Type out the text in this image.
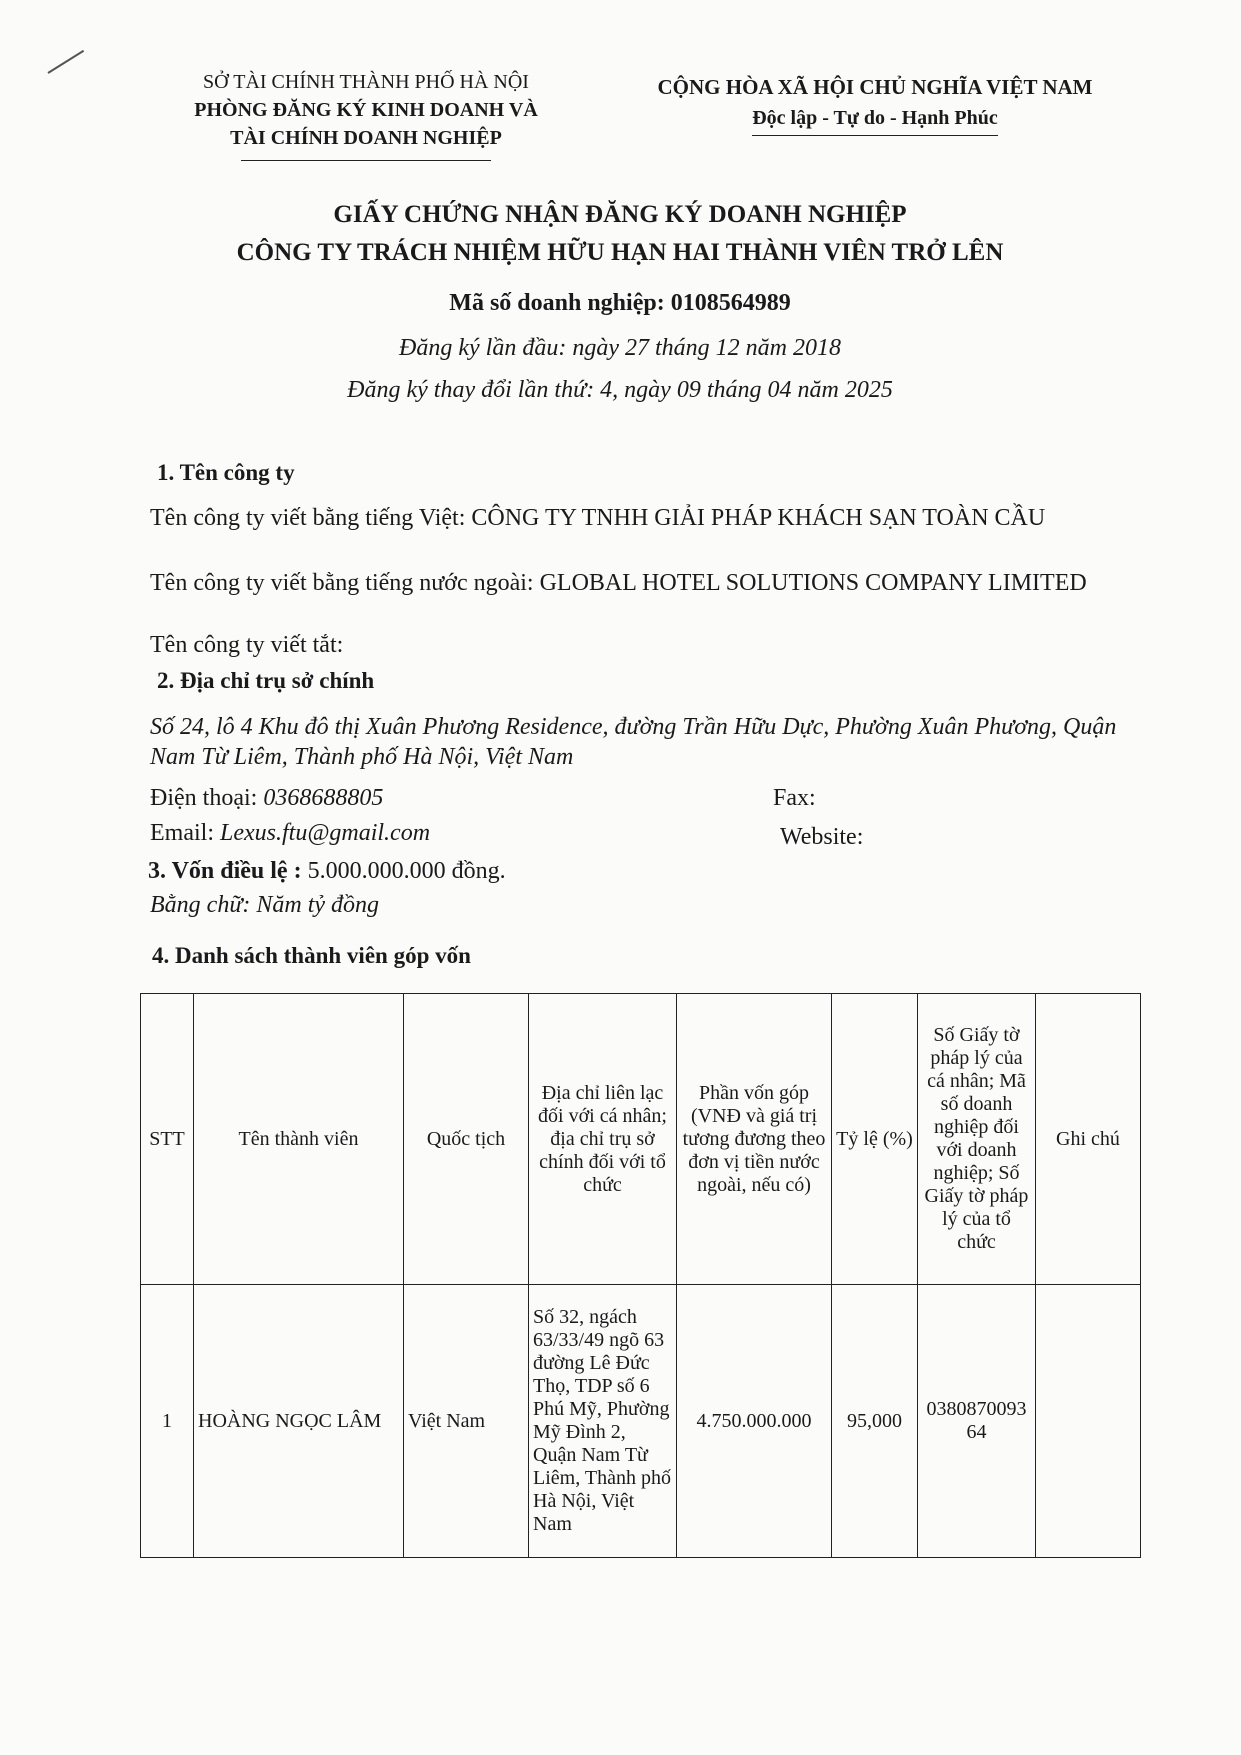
SỞ TÀI CHÍNH THÀNH PHỐ HÀ NỘI
PHÒNG ĐĂNG KÝ KINH DOANH VÀ
TÀI CHÍNH DOANH NGHIỆP
CỘNG HÒA XÃ HỘI CHỦ NGHĨA VIỆT NAM
Độc lập - Tự do - Hạnh Phúc
GIẤY CHỨNG NHẬN ĐĂNG KÝ DOANH NGHIỆP
CÔNG TY TRÁCH NHIỆM HỮU HẠN HAI THÀNH VIÊN TRỞ LÊN
Mã số doanh nghiệp: 0108564989
Đăng ký lần đầu: ngày 27 tháng 12 năm 2018
Đăng ký thay đổi lần thứ: 4, ngày 09 tháng 04 năm 2025
1. Tên công ty
Tên công ty viết bằng tiếng Việt: CÔNG TY TNHH GIẢI PHÁP KHÁCH SẠN TOÀN CẦU
Tên công ty viết bằng tiếng nước ngoài: GLOBAL HOTEL SOLUTIONS COMPANY LIMITED
Tên công ty viết tắt:
2. Địa chỉ trụ sở chính
Số 24, lô 4 Khu đô thị Xuân Phương Residence, đường Trần Hữu Dực, Phường Xuân Phương, Quận Nam Từ Liêm, Thành phố Hà Nội, Việt Nam
Điện thoại: 0368688805	Fax:
Email: Lexus.ftu@gmail.com	Website:
3. Vốn điều lệ : 5.000.000.000 đồng.
Bằng chữ: Năm tỷ đồng
4. Danh sách thành viên góp vốn
STT	Tên thành viên	Quốc tịch	Địa chỉ liên lạc đối với cá nhân; địa chỉ trụ sở chính đối với tổ chức	Phần vốn góp (VNĐ và giá trị tương đương theo đơn vị tiền nước ngoài, nếu có)	Tỷ lệ (%)	Số Giấy tờ pháp lý của cá nhân; Mã số doanh nghiệp đối với doanh nghiệp; Số Giấy tờ pháp lý của tổ chức	Ghi chú
1	HOÀNG NGỌC LÂM	Việt Nam	Số 32, ngách 63/33/49 ngõ 63 đường Lê Đức Thọ, TDP số 6 Phú Mỹ, Phường Mỹ Đình 2, Quận Nam Từ Liêm, Thành phố Hà Nội, Việt Nam	4.750.000.000	95,000	038087009364	
